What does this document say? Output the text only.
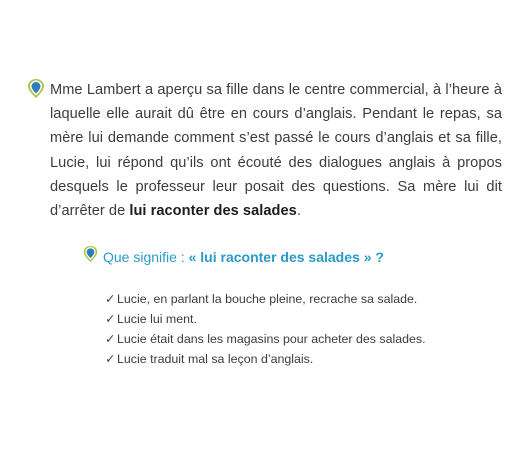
Mme Lambert a aperçu sa fille dans le centre commercial, à l’heure à laquelle elle aurait dû être en cours d’anglais. Pendant le repas, sa mère lui demande comment s’est passé le cours d’anglais et sa fille, Lucie, lui répond qu’ils ont écouté des dialogues anglais à propos desquels le professeur leur posait des questions. Sa mère lui dit d’arrêter de lui raconter des salades.
Que signifie : « lui raconter des salades » ?
✓ Lucie, en parlant la bouche pleine, recrache sa salade.
✓ Lucie lui ment.
✓ Lucie était dans les magasins pour acheter des salades.
✓ Lucie traduit mal sa leçon d’anglais.
